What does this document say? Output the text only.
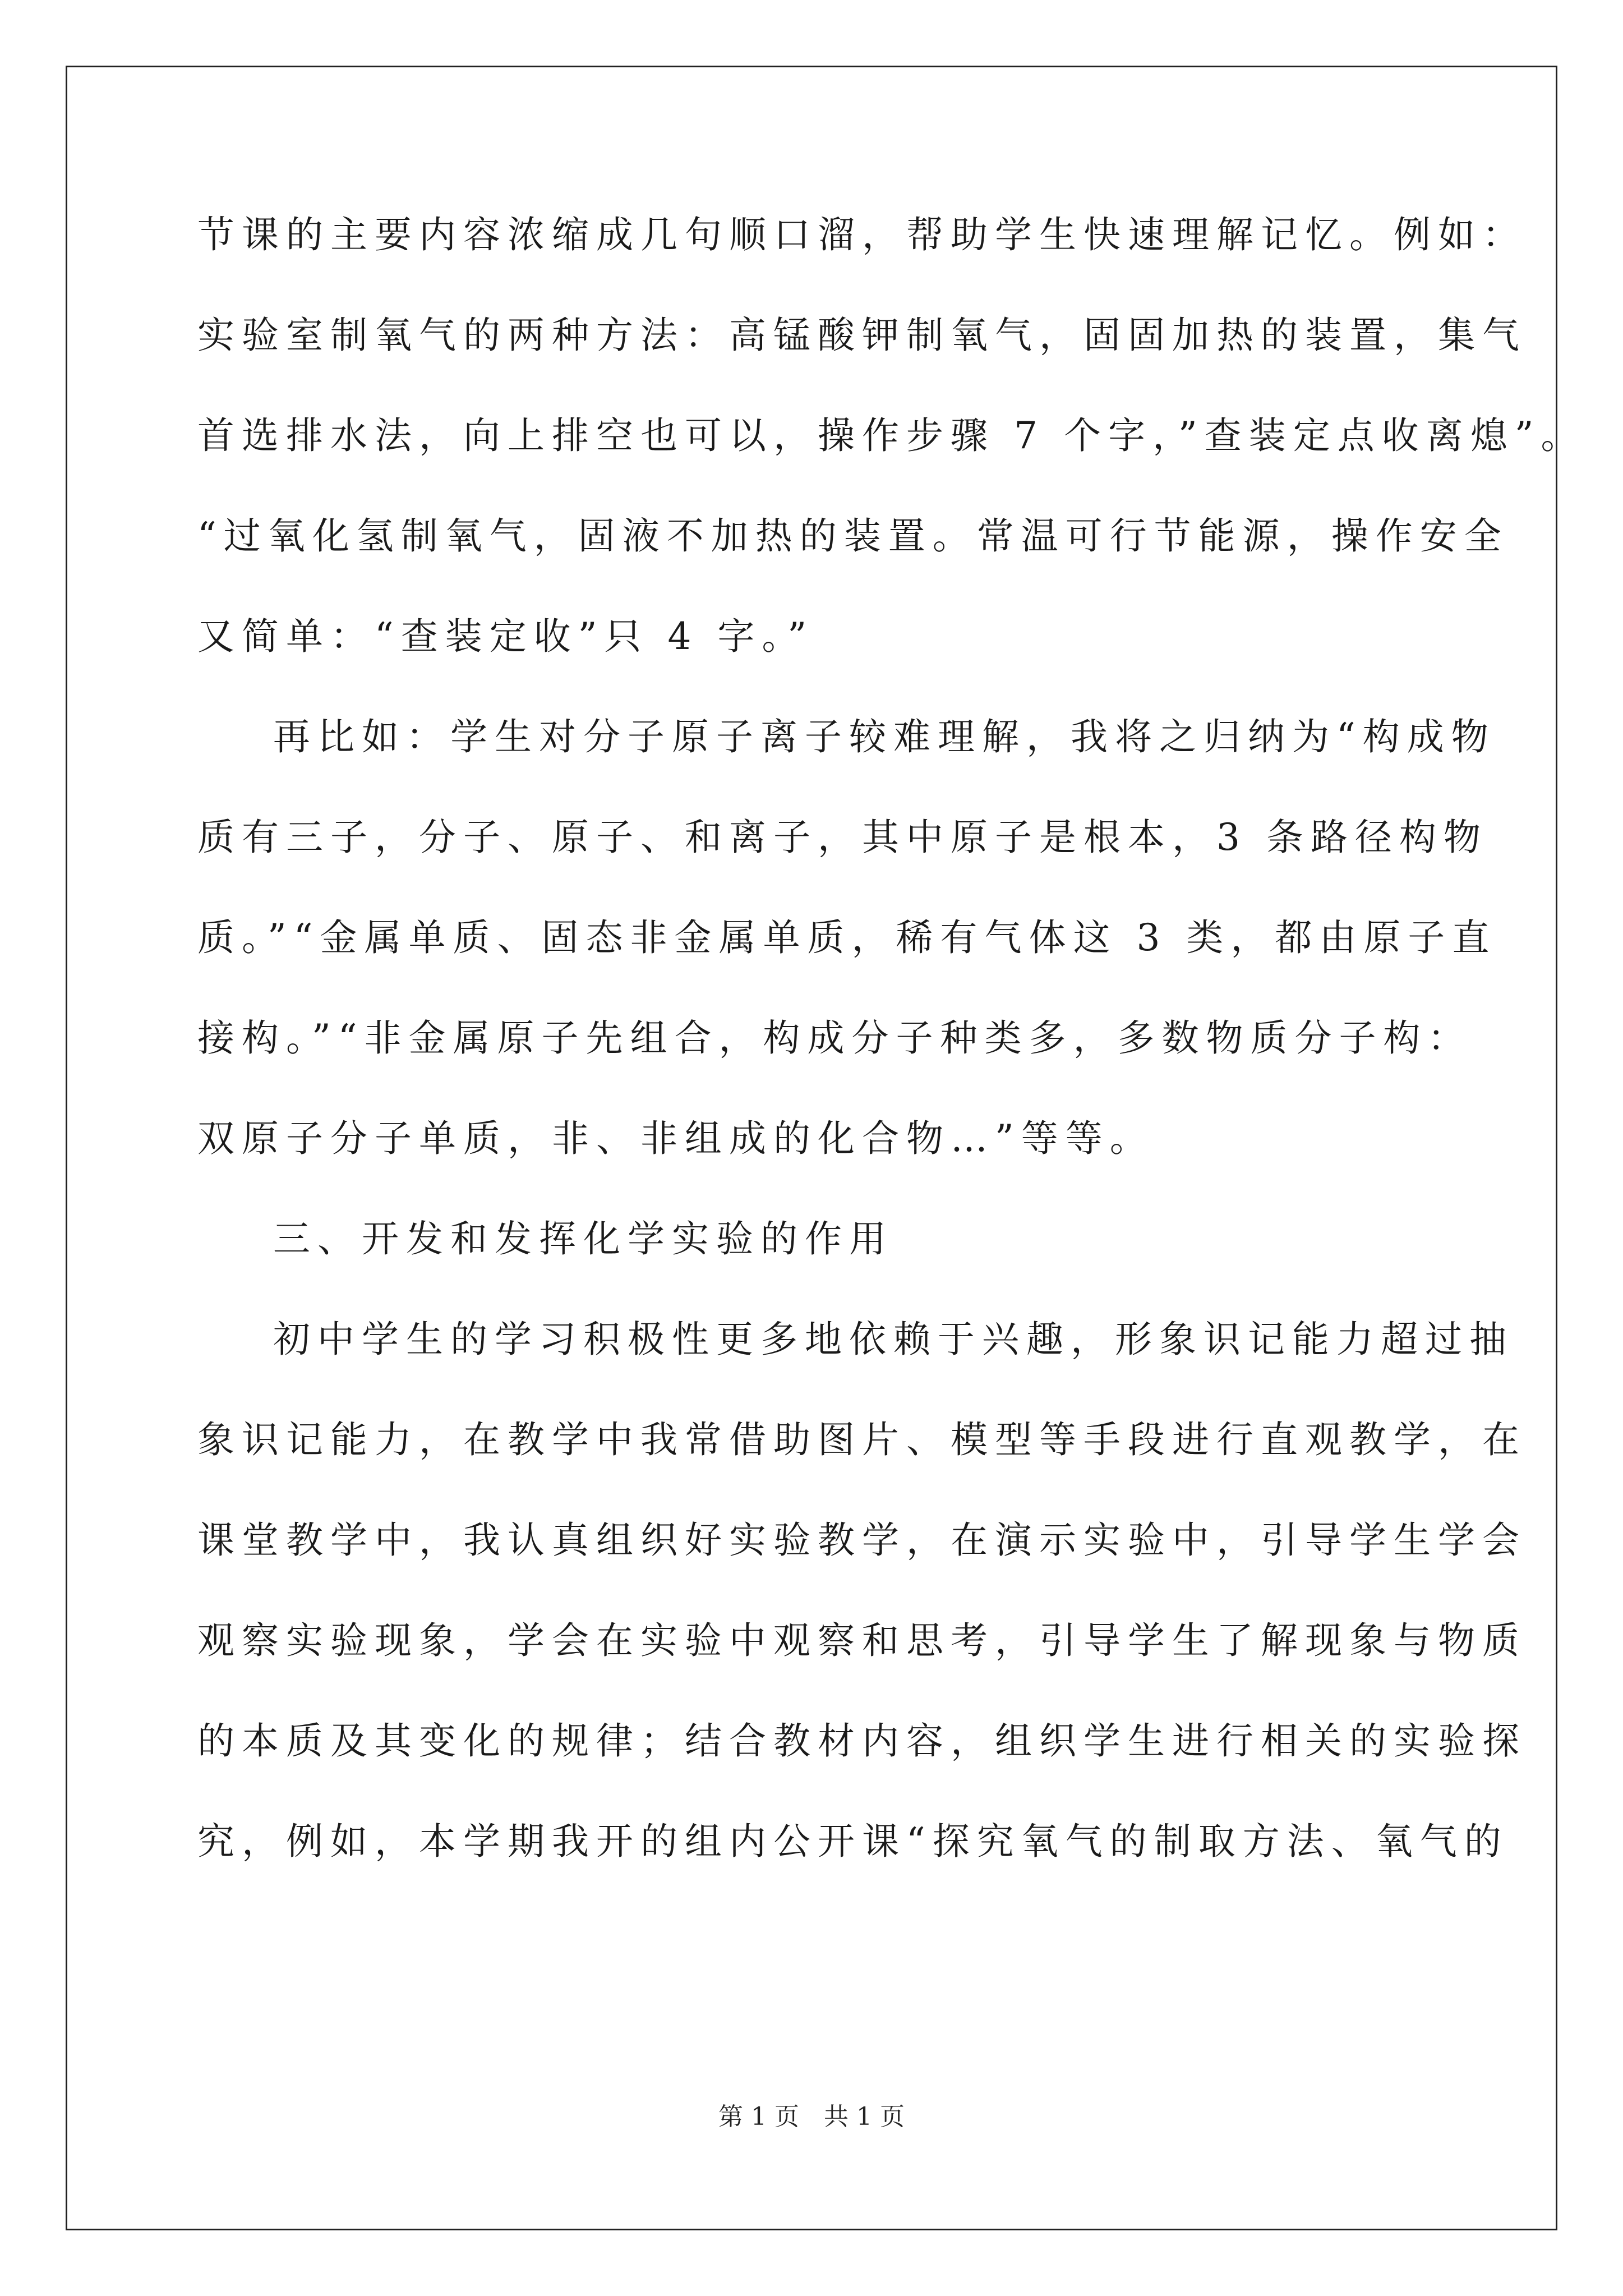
节课的主要内容浓缩成几句顺口溜，帮助学生快速理解记忆。例如：
实验室制氧气的两种方法：高锰酸钾制氧气，固固加热的装置，集气
首选排水法，向上排空也可以，操作步骤 7 个字，”查装定点收离熄”。
“过氧化氢制氧气，固液不加热的装置。常温可行节能源，操作安全
又简单：“查装定收”只 4 字。”
再比如：学生对分子原子离子较难理解，我将之归纳为“构成物
质有三子，分子、原子、和离子，其中原子是根本，3 条路径构物
质。”“金属单质、固态非金属单质，稀有气体这 3 类，都由原子直
接构。”“非金属原子先组合，构成分子种类多，多数物质分子构：
双原子分子单质，非、非组成的化合物…”等等。
三、开发和发挥化学实验的作用
初中学生的学习积极性更多地依赖于兴趣，形象识记能力超过抽
象识记能力，在教学中我常借助图片、模型等手段进行直观教学，在
课堂教学中，我认真组织好实验教学，在演示实验中，引导学生学会
观察实验现象，学会在实验中观察和思考，引导学生了解现象与物质
的本质及其变化的规律；结合教材内容，组织学生进行相关的实验探
究，例如，本学期我开的组内公开课“探究氧气的制取方法、氧气的
第 1 页　共 1 页
